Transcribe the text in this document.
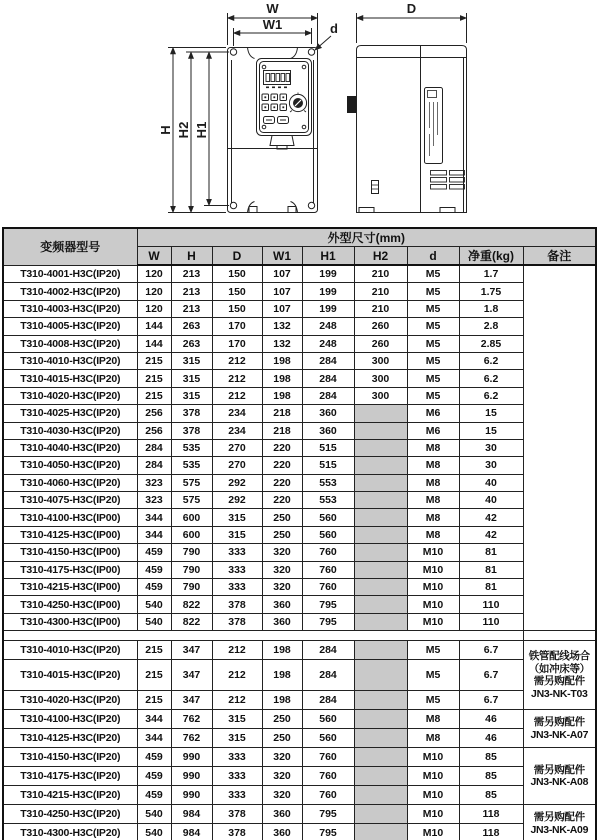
W
W1
H H2 H1
d
D
变频器型号	外型尺寸(mm)								
	W	H	D	W1	H1	H2	d	净重(kg)	备注
T310-4001-H3C(IP20)	120	213	150	107	199	210	M5	1.7	
T310-4002-H3C(IP20)	120	213	150	107	199	210	M5	1.75	
T310-4003-H3C(IP20)	120	213	150	107	199	210	M5	1.8	
T310-4005-H3C(IP20)	144	263	170	132	248	260	M5	2.8	
T310-4008-H3C(IP20)	144	263	170	132	248	260	M5	2.85	
T310-4010-H3C(IP20)	215	315	212	198	284	300	M5	6.2	
T310-4015-H3C(IP20)	215	315	212	198	284	300	M5	6.2	
T310-4020-H3C(IP20)	215	315	212	198	284	300	M5	6.2	
T310-4025-H3C(IP20)	256	378	234	218	360		M6	15	
T310-4030-H3C(IP20)	256	378	234	218	360		M6	15	
T310-4040-H3C(IP20)	284	535	270	220	515		M8	30	
T310-4050-H3C(IP20)	284	535	270	220	515		M8	30	
T310-4060-H3C(IP20)	323	575	292	220	553		M8	40	
T310-4075-H3C(IP20)	323	575	292	220	553		M8	40	
T310-4100-H3C(IP00)	344	600	315	250	560		M8	42	
T310-4125-H3C(IP00)	344	600	315	250	560		M8	42	
T310-4150-H3C(IP00)	459	790	333	320	760		M10	81	
T310-4175-H3C(IP00)	459	790	333	320	760		M10	81	
T310-4215-H3C(IP00)	459	790	333	320	760		M10	81	
T310-4250-H3C(IP00)	540	822	378	360	795		M10	110	
T310-4300-H3C(IP00)	540	822	378	360	795		M10	110	

T310-4010-H3C(IP20)	215	347	212	198	284		M5	6.7	铁管配线场合
（如冲床等）
需另购配件
JN3-NK-T03
T310-4015-H3C(IP20)	215	347	212	198	284		M5	6.7	
T310-4020-H3C(IP20)	215	347	212	198	284		M5	6.7	
T310-4100-H3C(IP20)	344	762	315	250	560		M8	46	需另购配件
JN3-NK-A07
T310-4125-H3C(IP20)	344	762	315	250	560		M8	46	
T310-4150-H3C(IP20)	459	990	333	320	760		M10	85	需另购配件
JN3-NK-A08
T310-4175-H3C(IP20)	459	990	333	320	760		M10	85	
T310-4215-H3C(IP20)	459	990	333	320	760		M10	85	
T310-4250-H3C(IP20)	540	984	378	360	795		M10	118	需另购配件
JN3-NK-A09
T310-4300-H3C(IP20)	540	984	378	360	795		M10	118	
